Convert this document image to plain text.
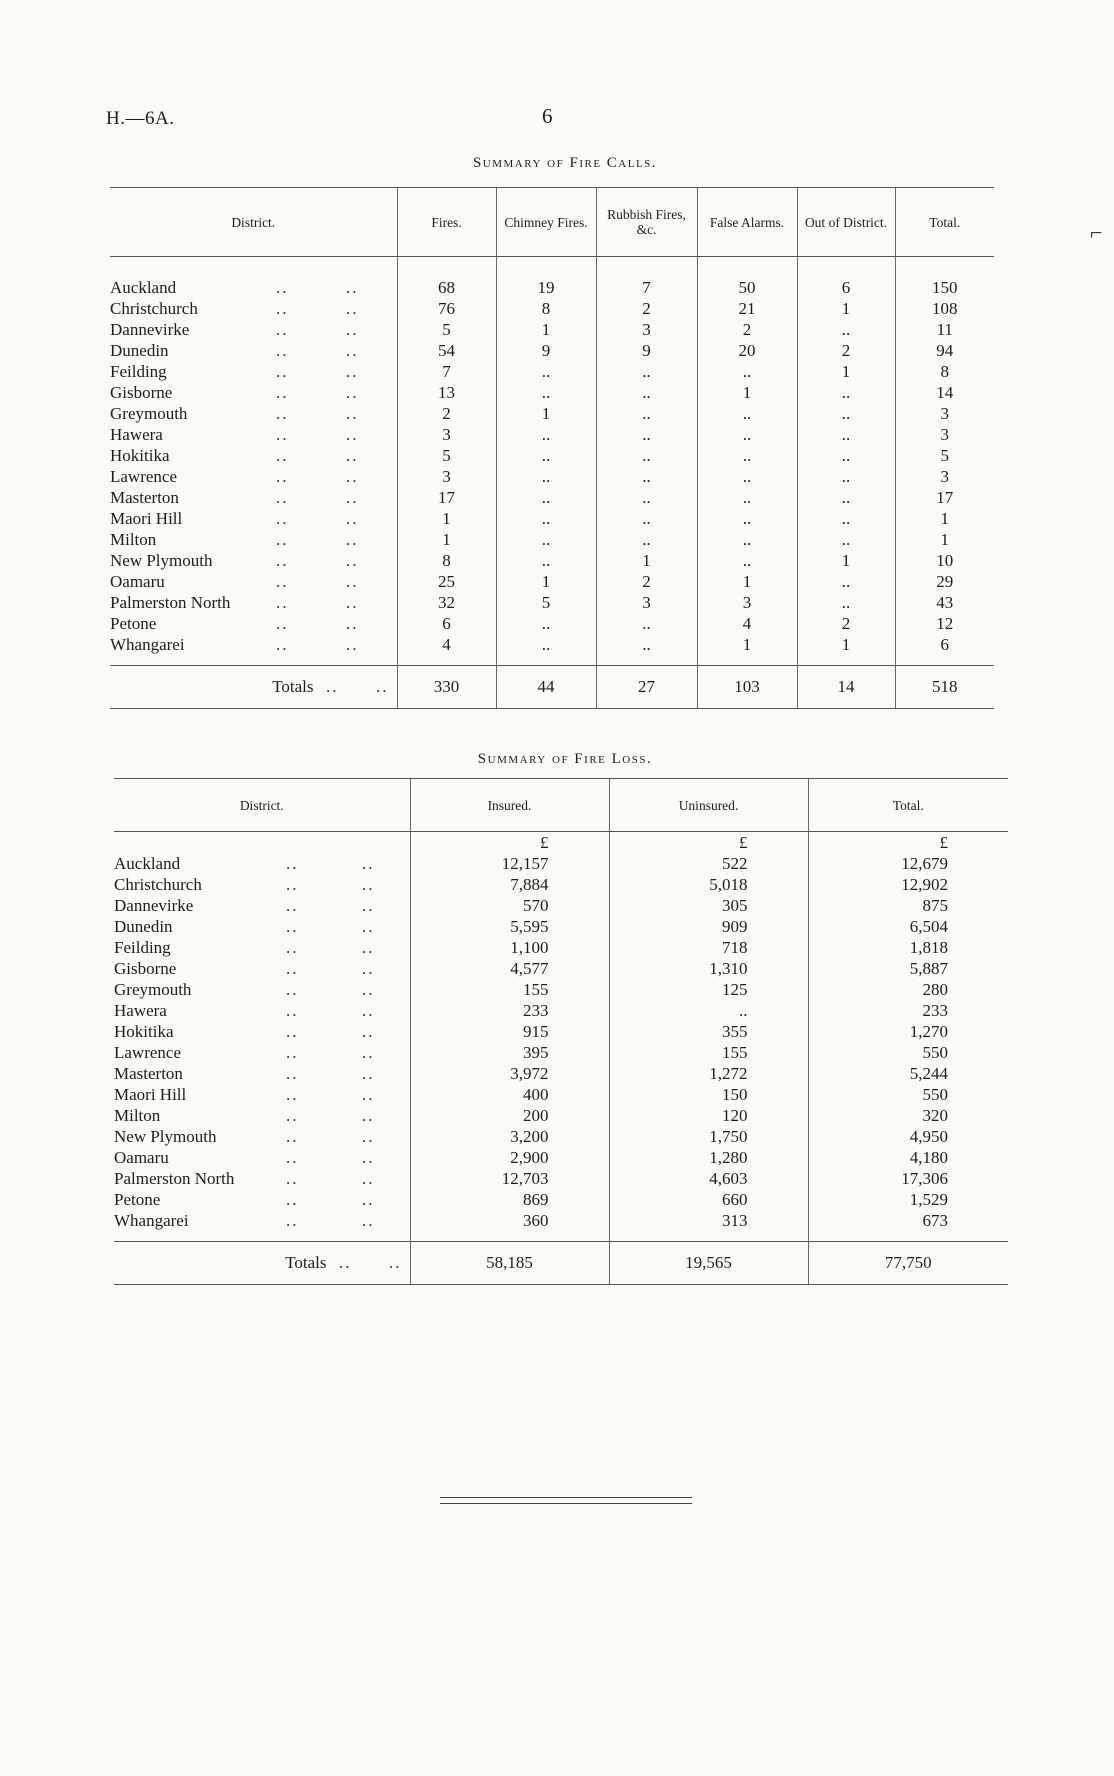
H.—6A.	6
Summary of Fire Calls.
District.	Fires.	Chimney Fires.	Rubbish Fires, &c.	False Alarms.	Out of District.	Total.

Auckland .. ..	68	19	7	50	6	150
Christchurch .. ..	76	8	2	21	1	108
Dannevirke .. ..	5	1	3	2	..	11
Dunedin .. ..	54	9	9	20	2	94
Feilding .. ..	7	..	..	..	1	8
Gisborne .. ..	13	..	..	1	..	14
Greymouth .. ..	2	1	..	..	..	3
Hawera .. ..	3	..	..	..	..	3
Hokitika .. ..	5	..	..	..	..	5
Lawrence .. ..	3	..	..	..	..	3
Masterton .. ..	17	..	..	..	..	17
Maori Hill .. ..	1	..	..	..	..	1
Milton .. ..	1	..	..	..	..	1
New Plymouth .. ..	8	..	1	..	1	10
Oamaru .. ..	25	1	2	1	..	29
Palmerston North .. ..	32	5	3	3	..	43
Petone .. ..	6	..	..	4	2	12
Whangarei .. ..	4	..	..	1	1	6

Totals  ..      ..	330	44	27	103	14	518
Summary of Fire Loss.
District.	Insured.	Uninsured.	Total.
	£	£	£
Auckland .. ..	12,157	522	12,679
Christchurch .. ..	7,884	5,018	12,902
Dannevirke .. ..	570	305	875
Dunedin .. ..	5,595	909	6,504
Feilding .. ..	1,100	718	1,818
Gisborne .. ..	4,577	1,310	5,887
Greymouth .. ..	155	125	280
Hawera .. ..	233	..	233
Hokitika .. ..	915	355	1,270
Lawrence .. ..	395	155	550
Masterton .. ..	3,972	1,272	5,244
Maori Hill .. ..	400	150	550
Milton .. ..	200	120	320
New Plymouth .. ..	3,200	1,750	4,950
Oamaru .. ..	2,900	1,280	4,180
Palmerston North .. ..	12,703	4,603	17,306
Petone .. ..	869	660	1,529
Whangarei .. ..	360	313	673

Totals  ..      ..	58,185	19,565	77,750
⌐
